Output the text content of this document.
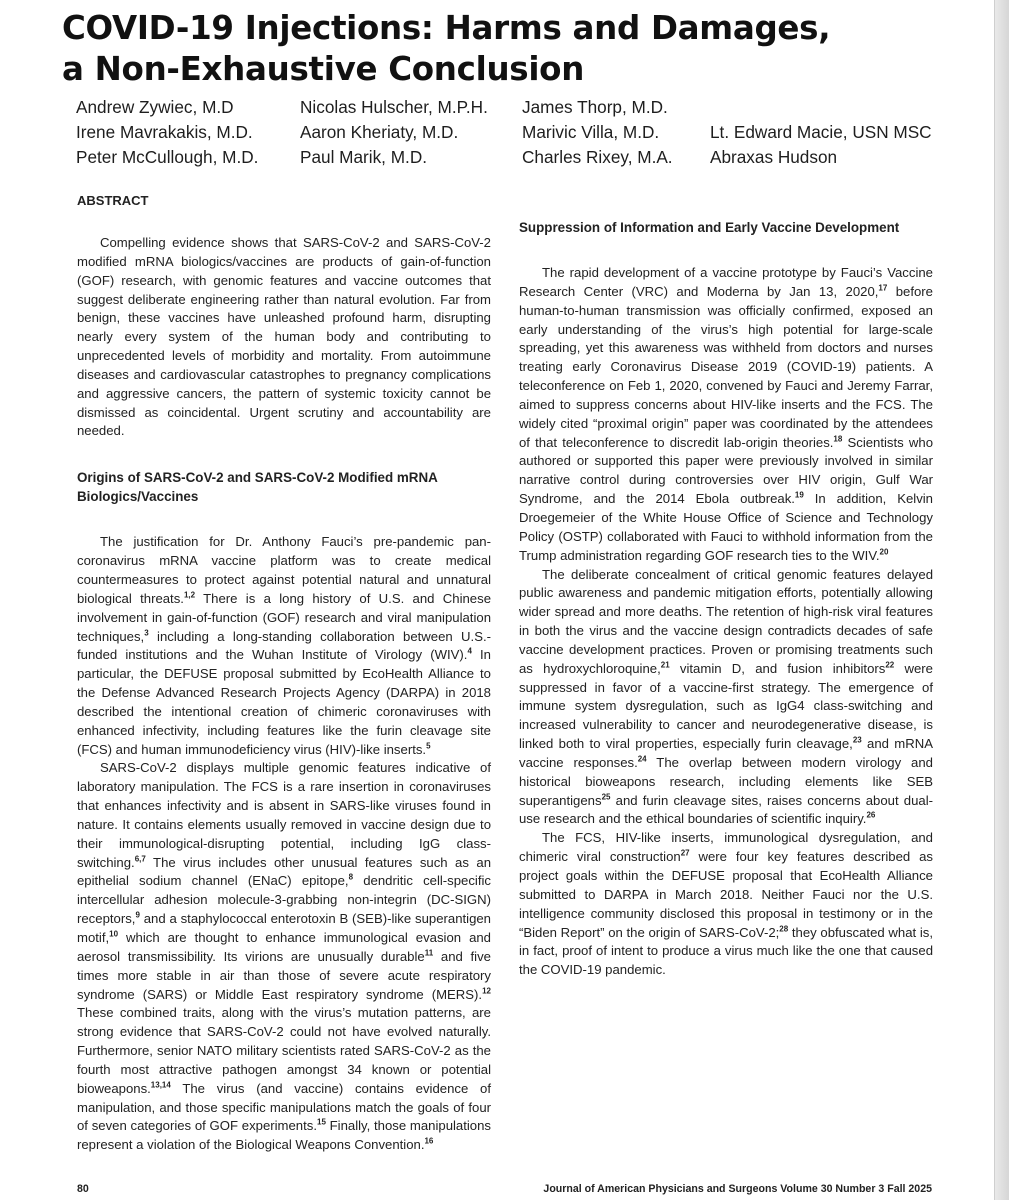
COVID-19 Injections: Harms and Damages,
a Non-Exhaustive Conclusion
Andrew Zywiec, M.D
Irene Mavrakakis, M.D.
Peter McCullough, M.D.
Nicolas Hulscher, M.P.H.
Aaron Kheriaty, M.D.
Paul Marik, M.D.
James Thorp, M.D.
Marivic Villa, M.D.
Charles Rixey, M.A.
Lt. Edward Macie, USN MSC
Abraxas Hudson
ABSTRACT

Compelling evidence shows that SARS-CoV-2 and SARS-CoV-2 modified mRNA biologics/vaccines are products of gain-of-function (GOF) research, with genomic features and vaccine outcomes that suggest deliberate engineering rather than natural evolution. Far from benign, these vaccines have unleashed profound harm, disrupting nearly every system of the human body and contributing to unprecedented levels of morbidity and mortality. From autoimmune diseases and cardiovascular catastrophes to pregnancy complications and aggressive cancers, the pattern of systemic toxicity cannot be dismissed as coincidental. Urgent scrutiny and accountability are needed.

Origins of SARS-CoV-2 and SARS-CoV-2 Modified mRNA Biologics/Vaccines

The justification for Dr. Anthony Fauci’s pre-pandemic pan-coronavirus mRNA vaccine platform was to create medical countermeasures to protect against potential natural and unnatural biological threats.$^{1,2}$ There is a long history of U.S. and Chinese involvement in gain-of-function (GOF) research and viral manipulation techniques,$^3$ including a long-standing collaboration between U.S.-funded institutions and the Wuhan Institute of Virology (WIV).$^4$ In particular, the DEFUSE proposal submitted by EcoHealth Alliance to the Defense Advanced Research Projects Agency (DARPA) in 2018 described the intentional creation of chimeric coronaviruses with enhanced infectivity, including features like the furin cleavage site (FCS) and human immunodeficiency virus (HIV)-like inserts.$^5$

SARS-CoV-2 displays multiple genomic features indicative of laboratory manipulation. The FCS is a rare insertion in coronaviruses that enhances infectivity and is absent in SARS-like viruses found in nature. It contains elements usually removed in vaccine design due to their immunological-disrupting potential, including IgG class-switching.$^{6,7}$ The virus includes other unusual features such as an epithelial sodium channel (ENaC) epitope,$^8$ dendritic cell-specific intercellular adhesion molecule-3-grabbing non-integrin (DC-SIGN) receptors,$^9$ and a staphylococcal enterotoxin B (SEB)-like superantigen motif,$^{10}$ which are thought to enhance immunological evasion and aerosol transmissibility. Its virions are unusually durable$^{11}$ and five times more stable in air than those of severe acute respiratory syndrome (SARS) or Middle East respiratory syndrome (MERS).$^{12}$ These combined traits, along with the virus’s mutation patterns, are strong evidence that SARS-CoV-2 could not have evolved naturally. Furthermore, senior NATO military scientists rated SARS-CoV-2 as the fourth most attractive pathogen amongst 34 known or potential bioweapons.$^{13,14}$ The virus (and vaccine) contains evidence of manipulation, and those specific manipulations match the goals of four of seven categories of GOF experiments.$^{15}$ Finally, those manipulations represent a violation of the Biological Weapons Convention.$^{16}$

Suppression of Information and Early Vaccine Development

The rapid development of a vaccine prototype by Fauci’s Vaccine Research Center (VRC) and Moderna by Jan 13, 2020,17 before human-to-human transmission was officially confirmed, exposed an early understanding of the virus’s high potential for large-scale spreading, yet this awareness was withheld from doctors and nurses treating early Coronavirus Disease 2019 (COVID-19) patients. A teleconference on Feb 1, 2020, convened by Fauci and Jeremy Farrar, aimed to suppress concerns about HIV-like inserts and the FCS. The widely cited “proximal origin” paper was coordinated by the attendees of that teleconference to discredit lab-origin theories.$^{18}$ Scientists who authored or supported this paper were previously involved in similar narrative control during controversies over HIV origin, Gulf War Syndrome, and the 2014 Ebola outbreak.$^{19}$ In addition, Kelvin Droegemeier of the White House Office of Science and Technology Policy (OSTP) collaborated with Fauci to withhold information from the Trump administration regarding GOF research ties to the WIV.$^{20}$

The deliberate concealment of critical genomic features delayed public awareness and pandemic mitigation efforts, potentially allowing wider spread and more deaths. The retention of high-risk viral features in both the virus and the vaccine design contradicts decades of safe vaccine development practices. Proven or promising treatments such as hydroxychloroquine,$^{21}$ vitamin D, and fusion inhibitors$^{22}$ were suppressed in favor of a vaccine-first strategy. The emergence of immune system dysregulation, such as IgG4 class-switching and increased vulnerability to cancer and neurodegenerative disease, is linked both to viral properties, especially furin cleavage,$^{23}$ and mRNA vaccine responses.$^{24}$ The overlap between modern virology and historical bioweapons research, including elements like SEB superantigens$^{25}$ and furin cleavage sites, raises concerns about dual-use research and the ethical boundaries of scientific inquiry.$^{26}$

The FCS, HIV-like inserts, immunological dysregulation, and chimeric viral construction$^{27}$ were four key features described as project goals within the DEFUSE proposal that EcoHealth Alliance submitted to DARPA in March 2018. Neither Fauci nor the U.S. intelligence community disclosed this proposal in testimony or in the “Biden Report” on the origin of SARS-CoV-2;$^{28}$ they obfuscated what is, in fact, proof of intent to produce a virus much like the one that caused the COVID-19 pandemic.

80	Journal of American Physicians and Surgeons Volume 30 Number 3 Fall 2025
